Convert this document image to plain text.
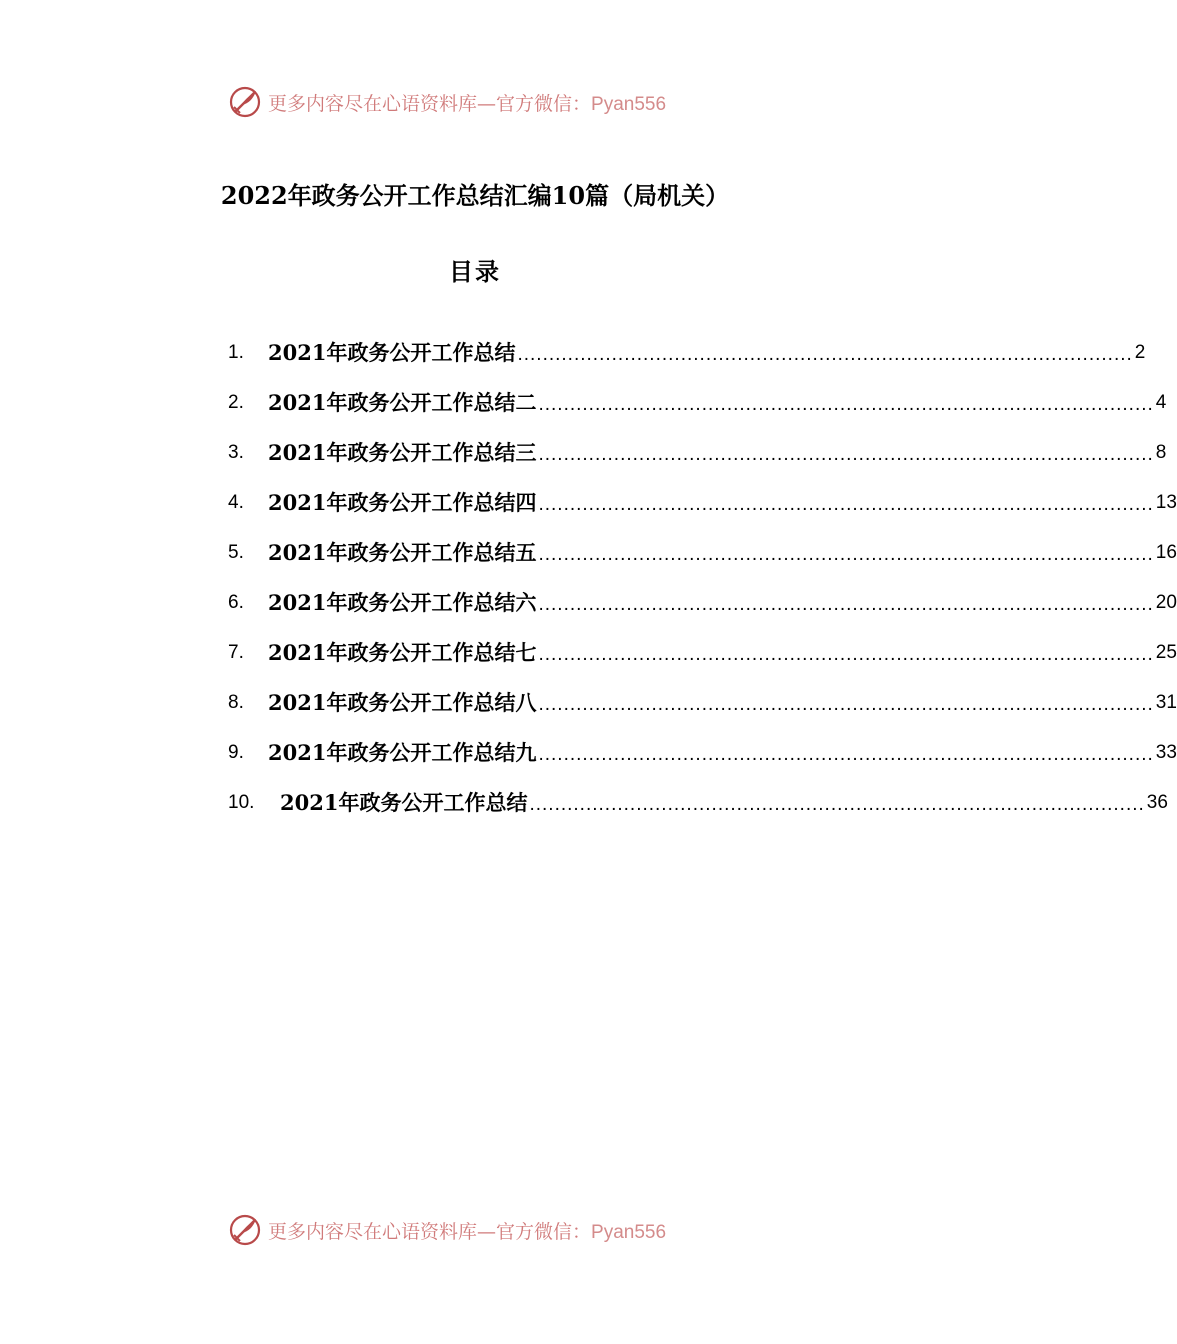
更多内容尽在心语资料库—官方微信：Pyan556
2022年政务公开工作总结汇编10篇（局机关）
目录
1.	2021年政务公开工作总结 .................................................................................................. 2
2.	2021年政务公开工作总结二 .................................................................................................. 4
3.	2021年政务公开工作总结三 .................................................................................................. 8
4.	2021年政务公开工作总结四 .................................................................................................. 13
5.	2021年政务公开工作总结五 .................................................................................................. 16
6.	2021年政务公开工作总结六 .................................................................................................. 20
7.	2021年政务公开工作总结七 .................................................................................................. 25
8.	2021年政务公开工作总结八 .................................................................................................. 31
9.	2021年政务公开工作总结九 .................................................................................................. 33
10.	2021年政务公开工作总结 .................................................................................................. 36
更多内容尽在心语资料库—官方微信：Pyan556
